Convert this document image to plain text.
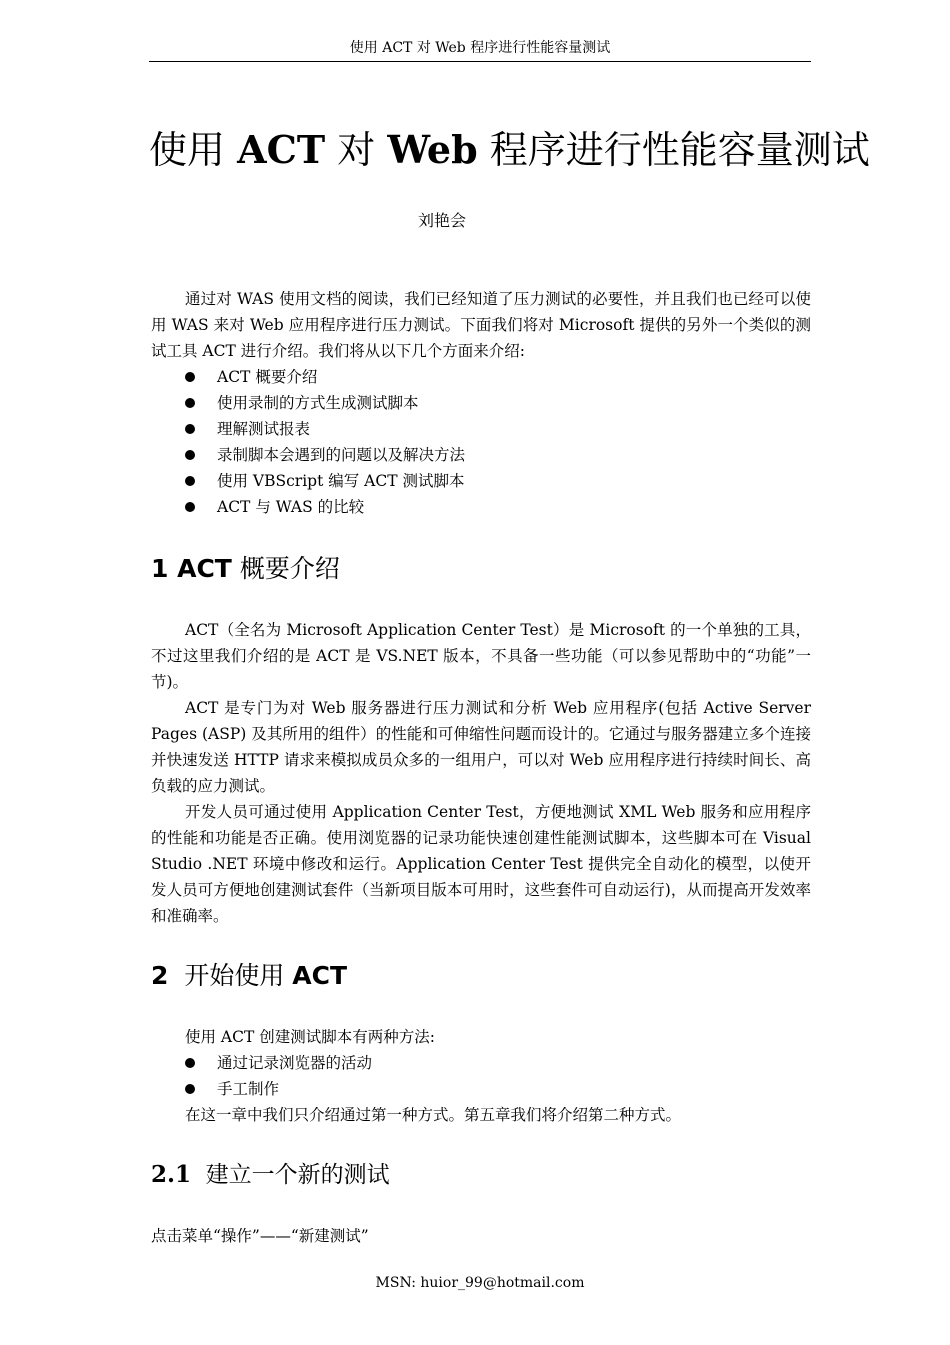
使用 ACT 对 Web 程序进行性能容量测试
使用 ACT 对 Web 程序进行性能容量测试
刘艳会

通过对 WAS 使用文档的阅读，我们已经知道了压力测试的必要性，并且我们也已经可以使用 WAS 来对 Web 应用程序进行压力测试。下面我们将对 Microsoft 提供的另外一个类似的测试工具 ACT 进行介绍。我们将从以下几个方面来介绍:

ACT 概要介绍
使用录制的方式生成测试脚本
理解测试报表
录制脚本会遇到的问题以及解决方法
使用 VBScript 编写 ACT 测试脚本
ACT 与 WAS 的比较
1 ACT 概要介绍

ACT（全名为 Microsoft Application Center Test）是 Microsoft 的一个单独的工具，不过这里我们介绍的是 ACT 是 VS.NET 版本，不具备一些功能（可以参见帮助中的“功能”一节)。

ACT 是专门为对 Web 服务器进行压力测试和分析 Web 应用程序(包括 Active Server Pages (ASP) 及其所用的组件）的性能和可伸缩性问题而设计的。它通过与服务器建立多个连接并快速发送 HTTP 请求来模拟成员众多的一组用户，可以对 Web 应用程序进行持续时间长、高负载的应力测试。

开发人员可通过使用 Application Center Test，方便地测试 XML Web 服务和应用程序的性能和功能是否正确。使用浏览器的记录功能快速创建性能测试脚本，这些脚本可在 Visual Studio .NET 环境中修改和运行。Application Center Test 提供完全自动化的模型，以使开发人员可方便地创建测试套件（当新项目版本可用时，这些套件可自动运行)，从而提高开发效率和准确率。

2 开始使用 ACT
使用 ACT 创建测试脚本有两种方法:
通过记录浏览器的活动
手工制作
在这一章中我们只介绍通过第一种方式。第五章我们将介绍第二种方式。
2.1 建立一个新的测试
点击菜单“操作”——“新建测试”
MSN: huior_99@hotmail.com
